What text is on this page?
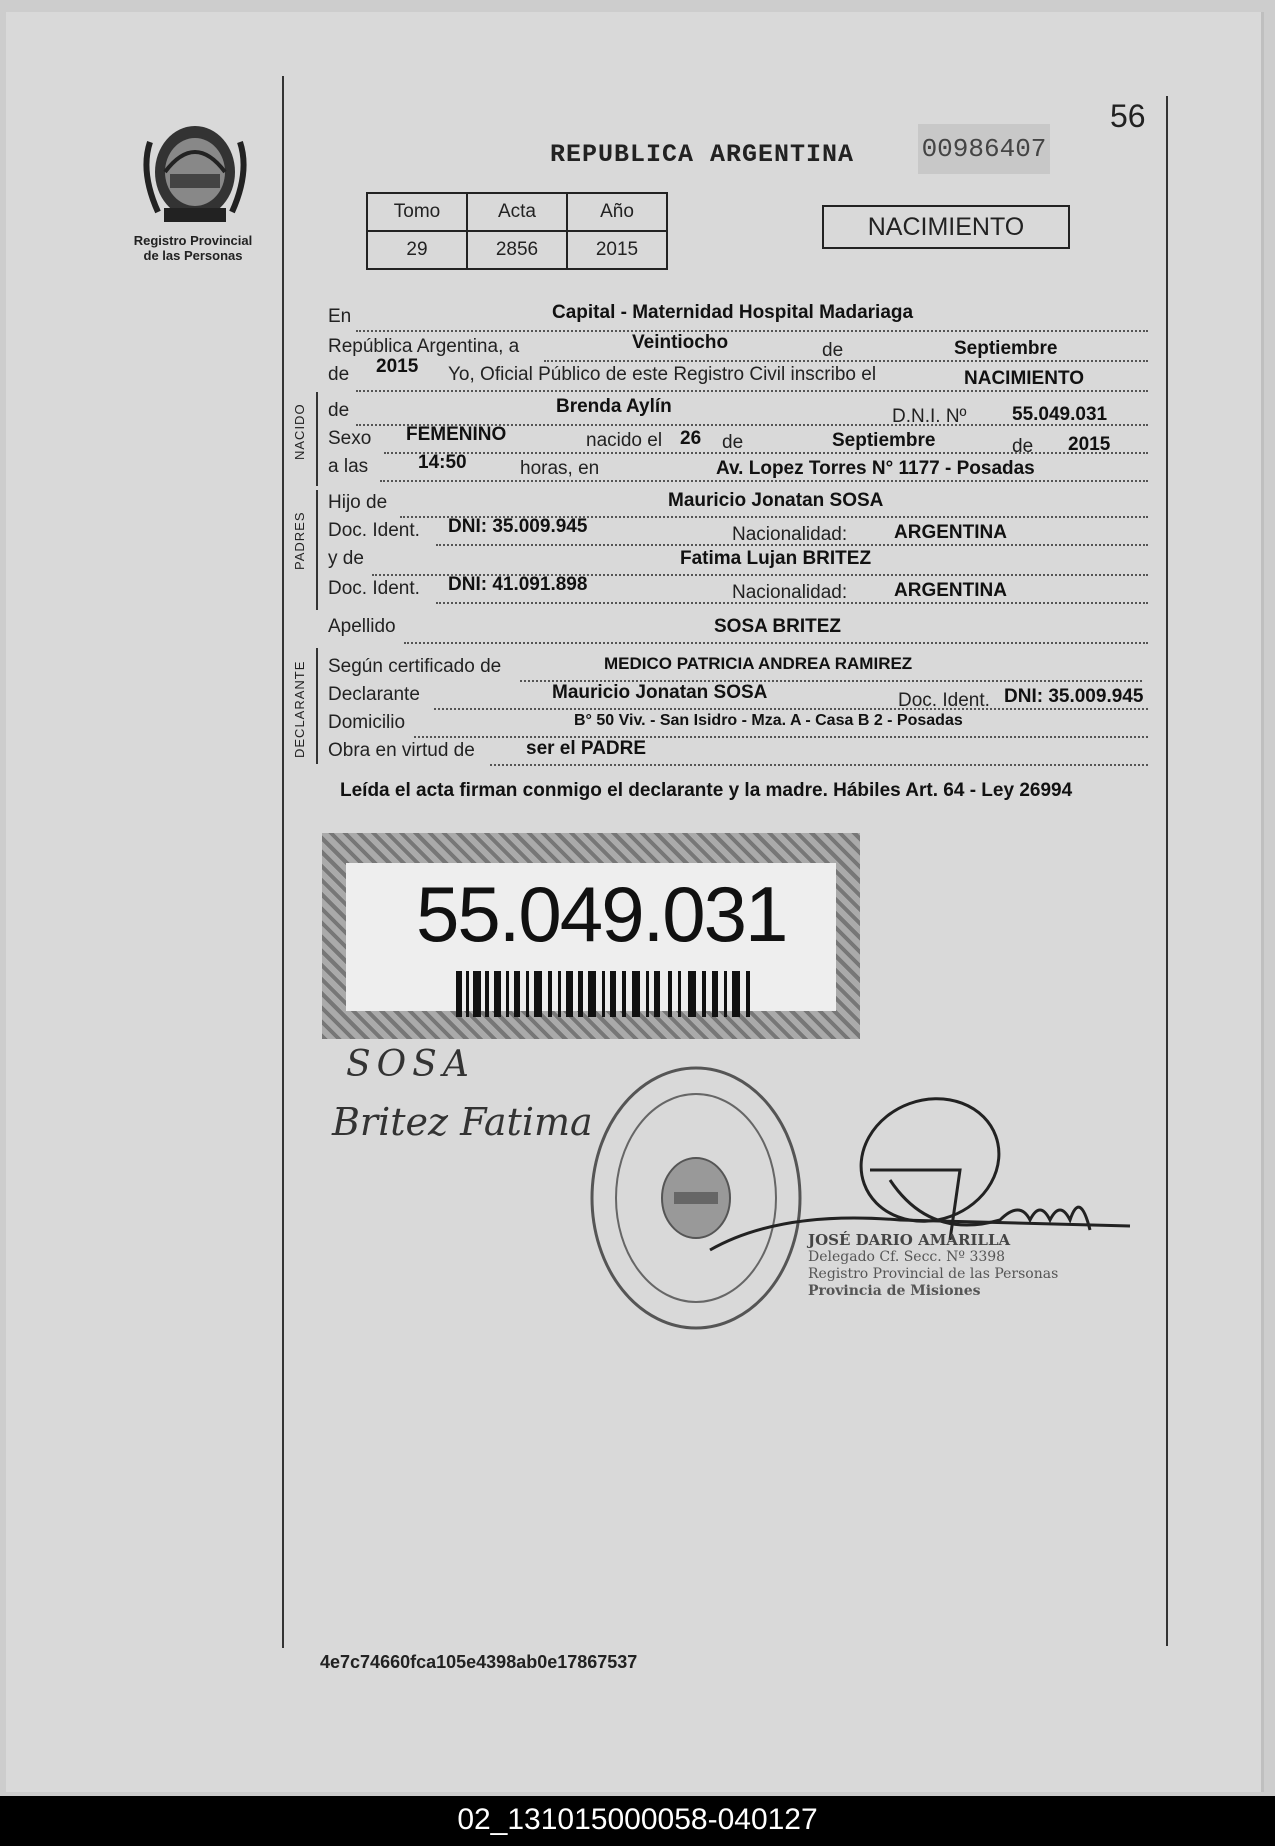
Registro Provincial
de las Personas
56
REPUBLICA ARGENTINA	00986407
Tomo	Acta	Año
29	2856	2015
NACIMIENTO
En	Capital - Maternidad Hospital Madariaga
República Argentina, a	Veintiocho	de	Septiembre
de 2015 Yo, Oficial Público de este Registro Civil inscribo el	NACIMIENTO
NACIDO de	Brenda Aylín	D.N.I. Nº 55.049.031
Sexo FEMENINO	nacido el 26 de	Septiembre	de 2015
a las	14:50	horas, en	Av. Lopez Torres N° 1177 - Posadas
PADRES
Hijo de	Mauricio Jonatan SOSA
Doc. Ident. DNI: 35.009.945	Nacionalidad: ARGENTINA
y de	Fatima Lujan BRITEZ
Doc. Ident. DNI: 41.091.898	Nacionalidad: ARGENTINA
Apellido	SOSA BRITEZ
DECLARANTE Según certificado de	MEDICO PATRICIA ANDREA RAMIREZ
Declarante	Mauricio Jonatan SOSA	Doc. Ident. DNI: 35.009.945
Domicilio	B° 50 Viv. - San Isidro - Mza. A - Casa B 2 - Posadas
Obra en virtud de	ser el PADRE
Leída el acta firman conmigo el declarante y la madre. Hábiles Art. 64 - Ley 26994
55.049.031
SOSA
Britez Fatima
JOSÉ DARIO AMARILLA
Delegado Cf. Secc. Nº 3398
Registro Provincial de las Personas
Provincia de Misiones
4e7c74660fca105e4398ab0e17867537
02_131015000058-040127
